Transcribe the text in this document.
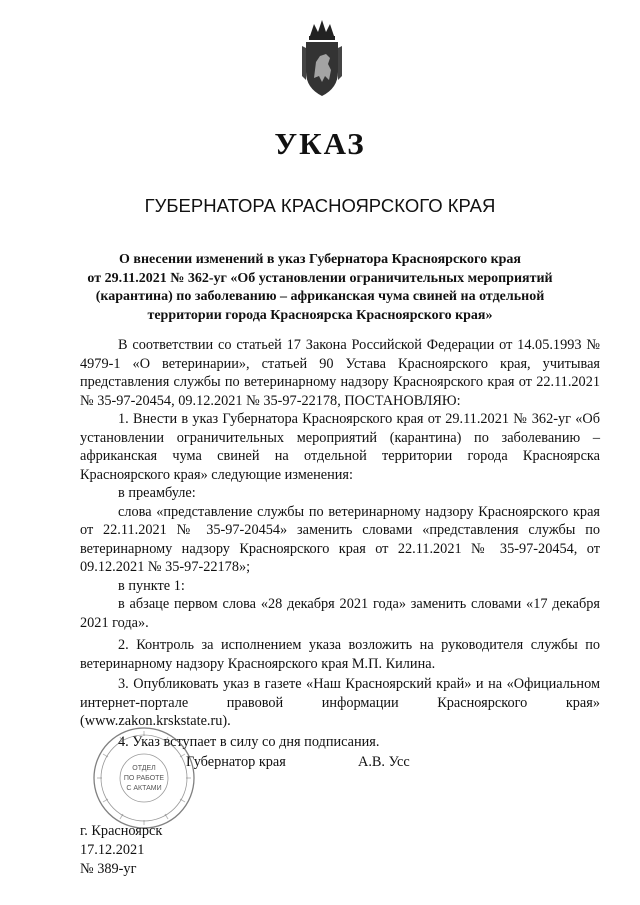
УКАЗ
ГУБЕРНАТОРА КРАСНОЯРСКОГО КРАЯ
О внесении изменений в указ Губернатора Красноярского края
от 29.11.2021 № 362-уг «Об установлении ограничительных мероприятий
(карантина) по заболеванию – африканская чума свиней на отдельной
территории города Красноярска Красноярского края»

В соответствии со статьей 17 Закона Российской Федерации от 14.05.1993 № 4979-1 «О ветеринарии», статьей 90 Устава Красноярского края, учитывая представления службы по ветеринарному надзору Красноярского края от 22.11.2021 № 35-97-20454, 09.12.2021 № 35-97-22178, ПОСТАНОВЛЯЮ:

1. Внести в указ Губернатора Красноярского края от 29.11.2021 № 362-уг «Об установлении ограничительных мероприятий (карантина) по заболеванию – африканская чума свиней на отдельной территории города Красноярска Красноярского края» следующие изменения:

в преамбуле:

слова «представление службы по ветеринарному надзору Красноярского края от 22.11.2021 № 35-97-20454» заменить словами «представления службы по ветеринарному надзору Красноярского края от 22.11.2021 № 35-97-20454, от 09.12.2021 № 35-97-22178»;

в пункте 1:

в абзаце первом слова «28 декабря 2021 года» заменить словами «17 декабря 2021 года».

2. Контроль за исполнением указа возложить на руководителя службы по ветеринарному надзору Красноярского края М.П. Килина.

3. Опубликовать указ в газете «Наш Красноярский край» и на «Официальном интернет-портале правовой информации Красноярского края» (www.zakon.krskstate.ru).

4. Указ вступает в силу со дня подписания.

ОТДЕЛ
ПО РАБОТЕ
С АКТАМИ
Губернатор края	А.В. Усс
г. Красноярск
17.12.2021
№ 389-уг
